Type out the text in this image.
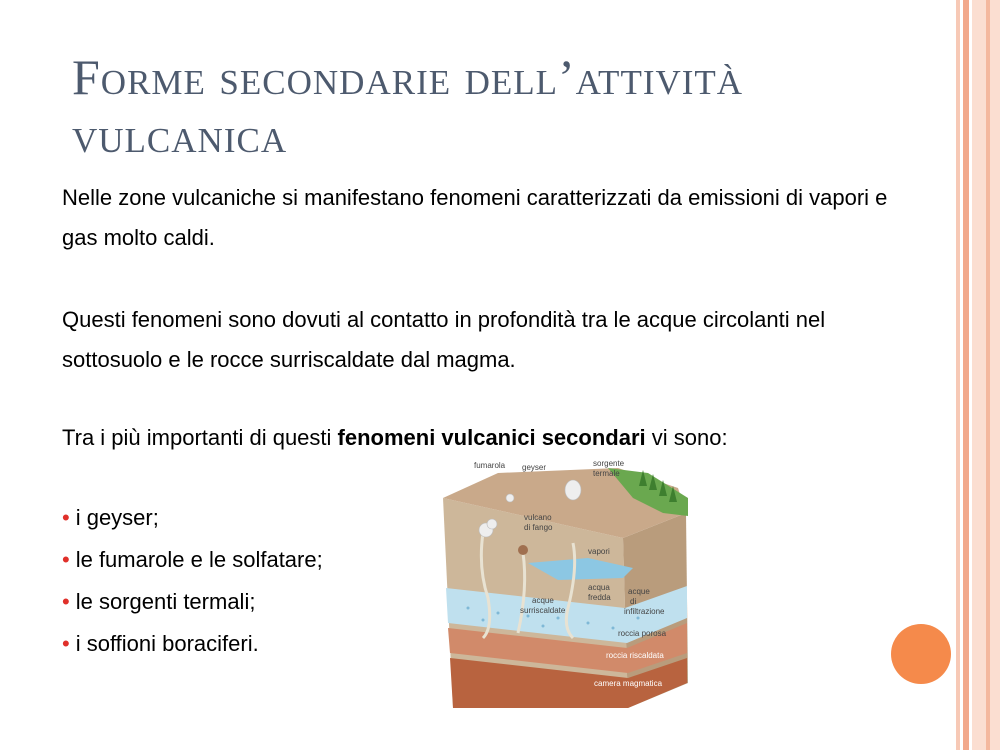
Forme secondarie dell’attività vulcanica
Nelle zone vulcaniche si manifestano fenomeni caratterizzati da emissioni di vapori e gas molto caldi.
Questi fenomeni sono dovuti al contatto in profondità tra le acque circolanti nel sottosuolo e le rocce surriscaldate dal magma.
Tra i più importanti di questi fenomeni vulcanici secondari vi sono:
• i geyser;
• le fumarole e le solfatare;
• le sorgenti termali;
• i soffioni boraciferi.
fumarola geyser	sorgente
termale
vulcano
di fango
vapori
acqua
fredda
acque
surriscaldate
acque
di
infiltrazione
roccia porosa
roccia riscaldata
camera magmatica
